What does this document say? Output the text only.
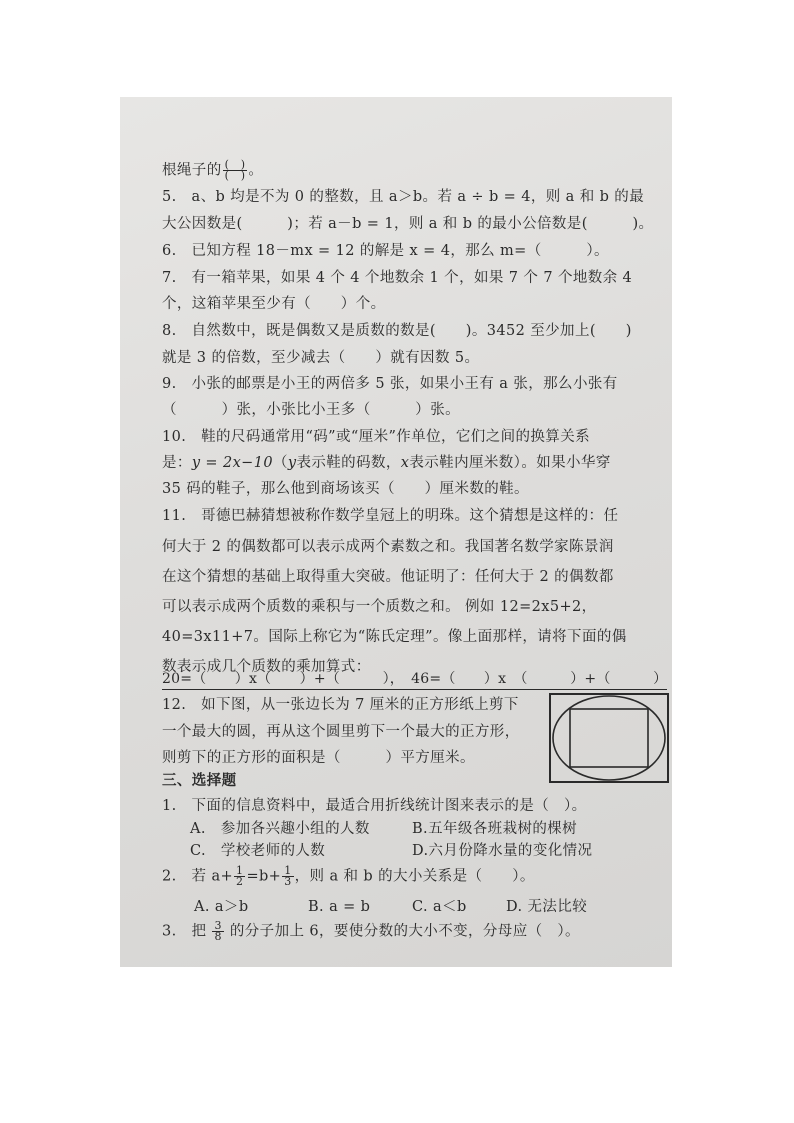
根绳子的 $\frac{( )}{( )}$ 。
5.　a、b 均是不为 0 的整数，且 a＞b。若 a ÷ b = 4，则 a 和 b 的最
大公因数是(　　　)；若 a－b = 1，则 a 和 b 的最小公倍数是(　　　)。
6.　已知方程 18－mx = 12 的解是 x = 4，那么 m=（　　　）。
7.　有一箱苹果，如果 4 个 4 个地数余 1 个，如果 7 个 7 个地数余 4
个，这箱苹果至少有（　　）个。
8.　自然数中，既是偶数又是质数的数是(　　)。3452 至少加上(　　)
就是 3 的倍数，至少减去（　　）就有因数 5。
9.　小张的邮票是小王的两倍多 5 张，如果小王有 a 张，那么小张有
（　　　）张，小张比小王多（　　　）张。
10.　鞋的尺码通常用“码”或“厘米”作单位，它们之间的换算关系
是：y = 2x−10（y表示鞋的码数，x表示鞋内厘米数）。如果小华穿
35 码的鞋子，那么他到商场该买（　　）厘米数的鞋。
11.　哥德巴赫猜想被称作数学皇冠上的明珠。这个猜想是这样的：任
何大于 2 的偶数都可以表示成两个素数之和。我国著名数学家陈景润
在这个猜想的基础上取得重大突破。他证明了：任何大于 2 的偶数都
可以表示成两个质数的乘积与一个质数之和。 例如 12=2x5+2，
40=3x11+7。国际上称它为“陈氏定理”。像上面那样，请将下面的偶
数表示成几个质数的乘加算式：
20=（　　）x（　　）+（　　　），　46=（　　）x　（　　　）+（　　　）
12.　如下图，从一张边长为 7 厘米的正方形纸上剪下
一个最大的圆，再从这个圆里剪下一个最大的正方形，
则剪下的正方形的面积是（　　　）平方厘米。
三、选择题
1.　下面的信息资料中，最适合用折线统计图来表示的是（　）。
A.　参加各兴趣小组的人数	B.五年级各班栽树的棵树
C.　学校老师的人数	D.六月份降水量的变化情况
2.　若 $a+ \frac{1}{2} =b+ \frac{1}{3}$ ，则 a 和 b 的大小关系是（　　）。
A. a＞b	B. a = b	C. a＜b	D. 无法比较
3.　把 $\frac{3}{8}$ 的分子加上 6，要使分数的大小不变，分母应（　）。
